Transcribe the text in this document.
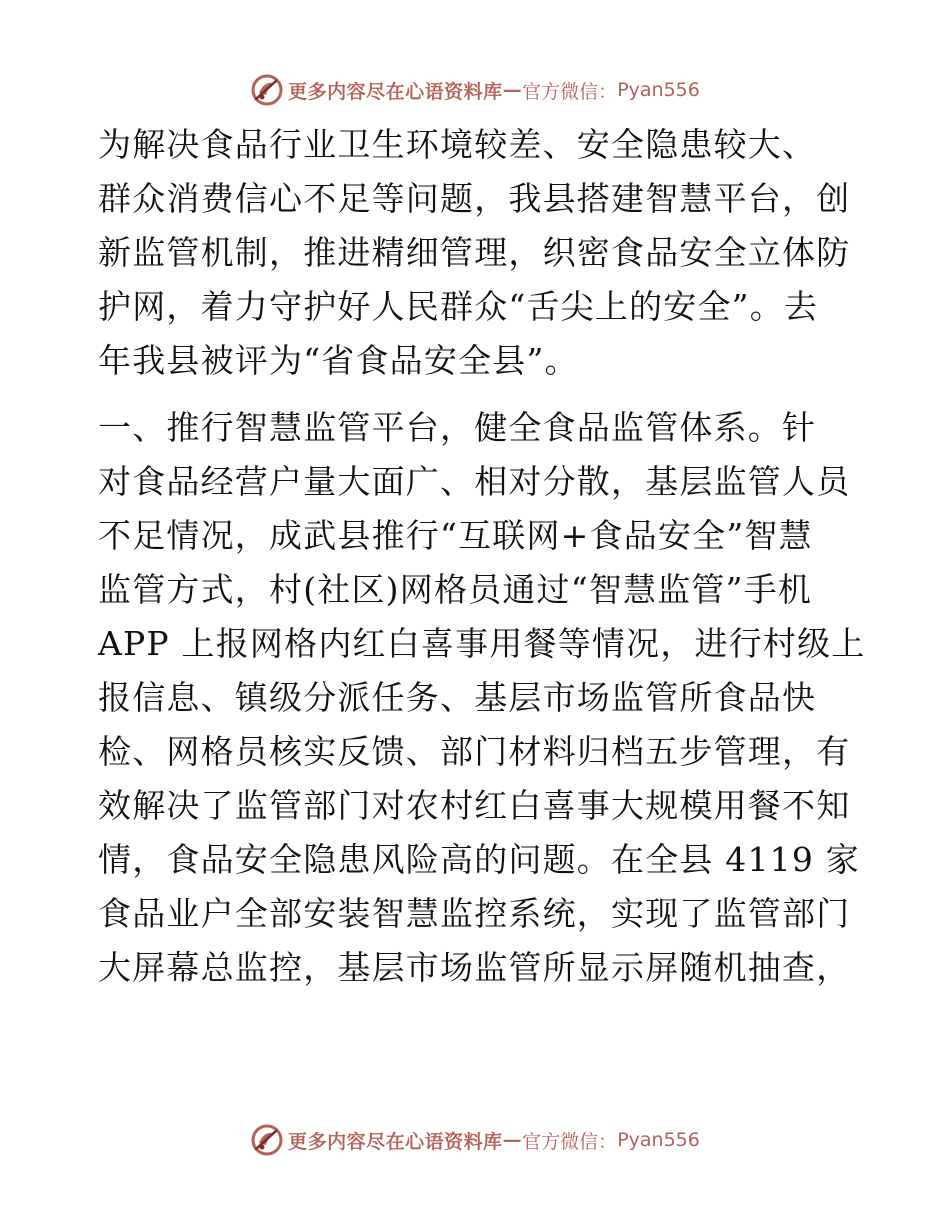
更多内容尽在心语资料库 — 官方微信： Pyan556

为解决食品行业卫生环境较差、安全隐患较大、
群众消费信心不足等问题，我县搭建智慧平台，创
新监管机制，推进精细管理，织密食品安全立体防
护网，着力守护好人民群众“舌尖上的安全”。去
年我县被评为“省食品安全县”。

一、推行智慧监管平台，健全食品监管体系。针
对食品经营户量大面广、相对分散，基层监管人员
不足情况，成武县推行“互联网+食品安全”智慧
监管方式，村(社区)网格员通过“智慧监管”手机
APP 上报网格内红白喜事用餐等情况，进行村级上
报信息、镇级分派任务、基层市场监管所食品快
检、网格员核实反馈、部门材料归档五步管理，有
效解决了监管部门对农村红白喜事大规模用餐不知
情，食品安全隐患风险高的问题。在全县 4119 家
食品业户全部安装智慧监控系统，实现了监管部门
大屏幕总监控，基层市场监管所显示屏随机抽查，

更多内容尽在心语资料库 — 官方微信： Pyan556
